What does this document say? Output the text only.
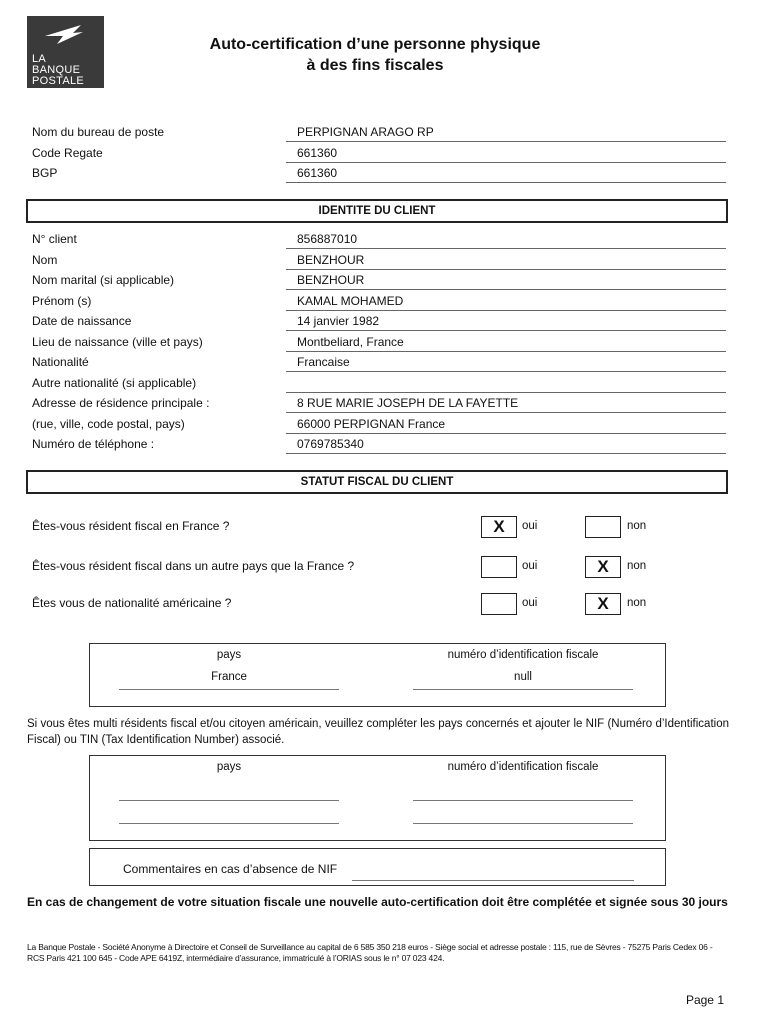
LA
BANQUE
POSTALE
Auto-certification d’une personne physique
à des fins fiscales
Nom du bureau de poste	PERPIGNAN ARAGO RP
Code Regate	661360
BGP	661360
IDENTITE DU CLIENT
N° client	856887010
Nom	BENZHOUR
Nom marital (si applicable)	BENZHOUR
Prénom (s)	KAMAL MOHAMED
Date de naissance	14 janvier 1982
Lieu de naissance (ville et pays)	Montbeliard, France
Nationalité	Francaise
Autre nationalité (si applicable)
Adresse de résidence principale :	8 RUE MARIE JOSEPH DE LA FAYETTE
(rue, ville, code postal, pays)	66000 PERPIGNAN France
Numéro de téléphone :	0769785340
STATUT FISCAL DU CLIENT
Êtes-vous résident fiscal en France ?	X	oui	non
Êtes-vous résident fiscal dans un autre pays que la France ?	oui	X	non
Êtes vous de nationalité américaine ?	oui	X	non
pays	numéro d’identification fiscale
France	null
Si vous êtes multi résidents fiscal et/ou citoyen américain, veuillez compléter les pays concernés et ajouter le NIF (Numéro d’Identification Fiscal) ou TIN (Tax Identification Number) associé.
pays	numéro d’identification fiscale
Commentaires en cas d’absence de NIF
En cas de changement de votre situation fiscale une nouvelle auto-certification doit être complétée et signée sous 30 jours
La Banque Postale - Société Anonyme à Directoire et Conseil de Surveillance au capital de 6 585 350 218 euros - Siège social et adresse postale : 115, rue de Sèvres - 75275 Paris Cedex 06 - RCS Paris 421 100 645 - Code APE 6419Z, intermédiaire d’assurance, immatriculé à l’ORIAS sous le n° 07 023 424.
Page 1
